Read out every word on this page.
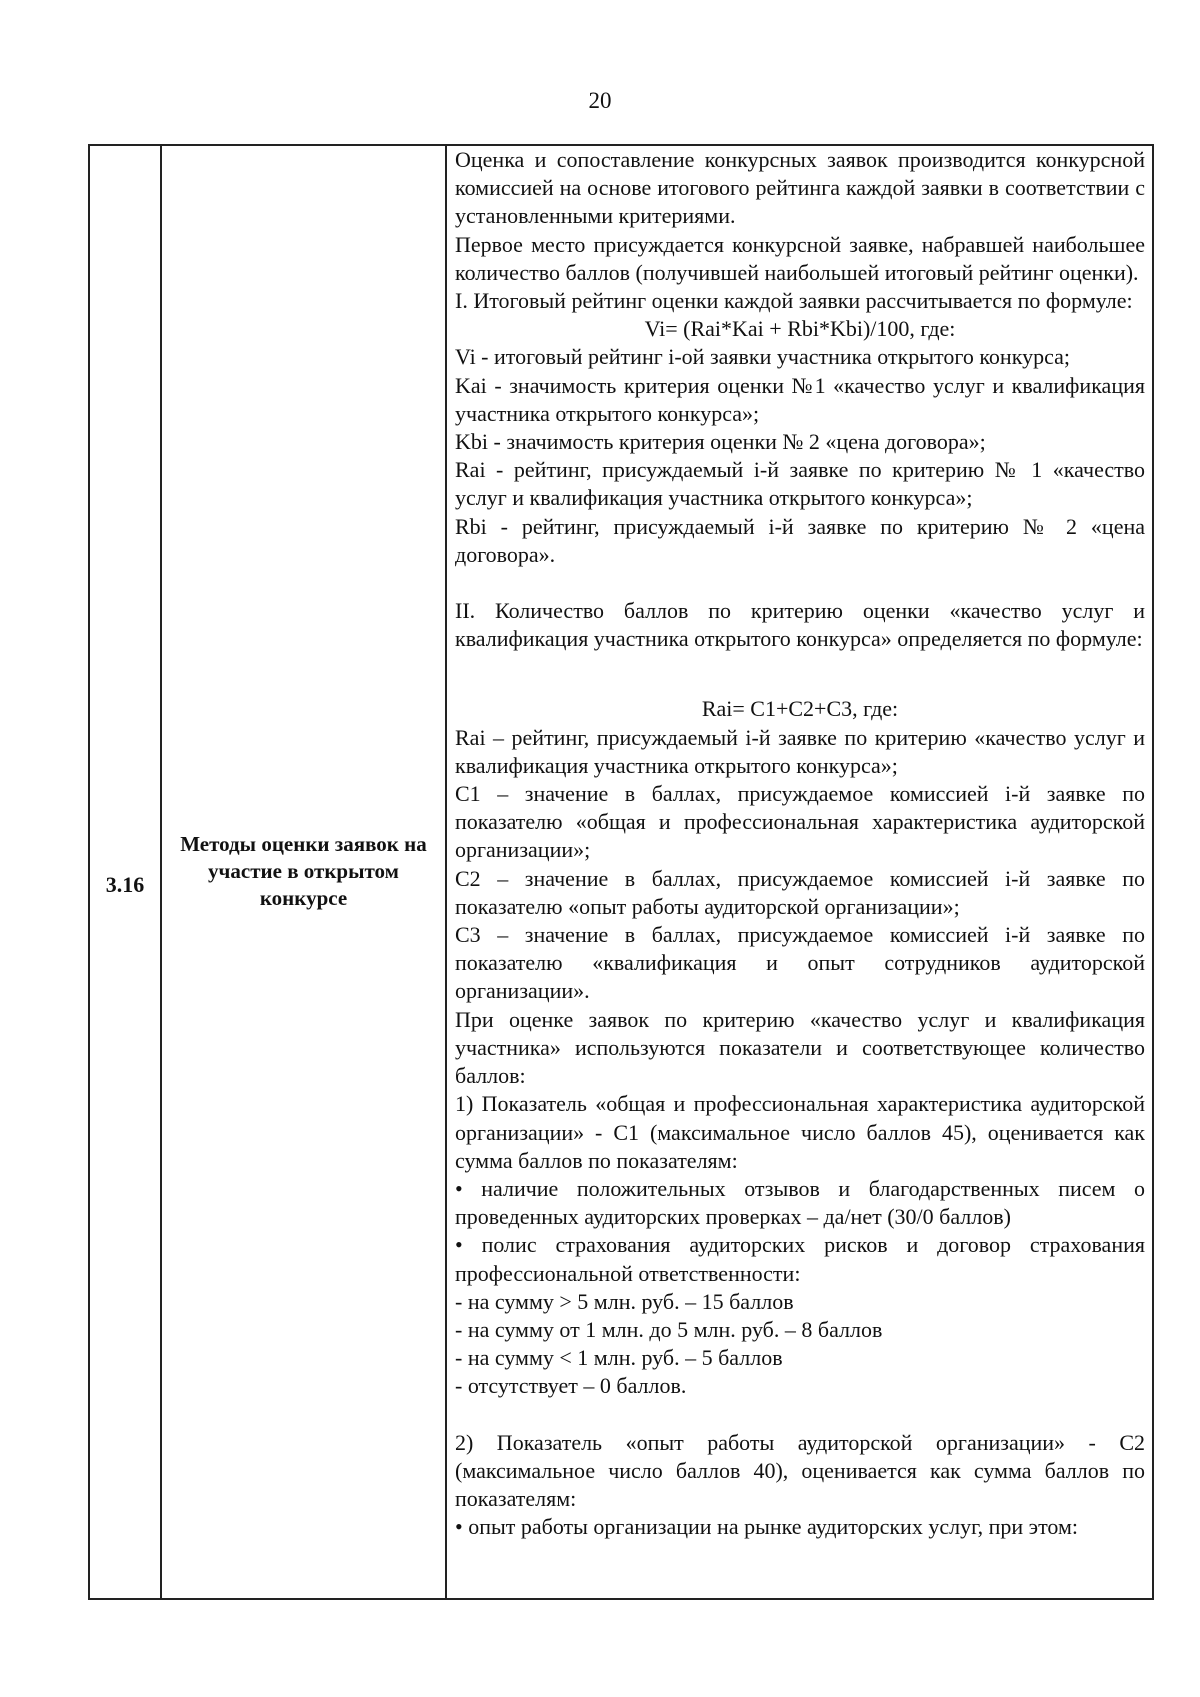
20
3.16
Методы оценки заявок на участие в открытом конкурсе

Оценка и сопоставление конкурсных заявок производится конкурсной комиссией на основе итогового рейтинга каждой заявки в соответствии с установленными критериями.

Первое место присуждается конкурсной заявке, набравшей наибольшее количество баллов (получившей наибольшей итоговый рейтинг оценки).

I. Итоговый рейтинг оценки каждой заявки рассчитывается по формуле:

Vi= (Rai*Kai + Rbi*Kbi)/100, где:

Vi - итоговый рейтинг i-ой заявки участника открытого конкурса;

Kai - значимость критерия оценки №1 «качество услуг и квалификация участника открытого конкурса»;

Kbi - значимость критерия оценки № 2 «цена договора»;

Rai - рейтинг, присуждаемый i-й заявке по критерию № 1 «качество услуг и квалификация участника открытого конкурса»;

Rbi - рейтинг, присуждаемый i-й заявке по критерию № 2 «цена договора».

II. Количество баллов по критерию оценки «качество услуг и квалификация участника открытого конкурса» определяется по формуле:

Rai= C1+C2+C3, где:

Rai – рейтинг, присуждаемый i-й заявке по критерию «качество услуг и квалификация участника открытого конкурса»;

C1 – значение в баллах, присуждаемое комиссией i-й заявке по показателю «общая и профессиональная характеристика аудиторской организации»;

C2 – значение в баллах, присуждаемое комиссией i-й заявке по показателю «опыт работы аудиторской организации»;

C3 – значение в баллах, присуждаемое комиссией i-й заявке по показателю «квалификация и опыт сотрудников аудиторской организации».

При оценке заявок по критерию «качество услуг и квалификация участника» используются показатели и соответствующее количество баллов:

1) Показатель «общая и профессиональная характеристика аудиторской организации» - C1 (максимальное число баллов 45), оценивается как сумма баллов по показателям:

• наличие положительных отзывов и благодарственных писем о проведенных аудиторских проверках – да/нет (30/0 баллов)

• полис страхования аудиторских рисков и договор страхования профессиональной ответственности:

- на сумму > 5 млн. руб. – 15 баллов

- на сумму от 1 млн. до 5 млн. руб. – 8 баллов

- на сумму < 1 млн. руб. – 5 баллов

- отсутствует – 0 баллов.

2) Показатель «опыт работы аудиторской организации» - C2 (максимальное число баллов 40), оценивается как сумма баллов по показателям:

• опыт работы организации на рынке аудиторских услуг, при этом:
